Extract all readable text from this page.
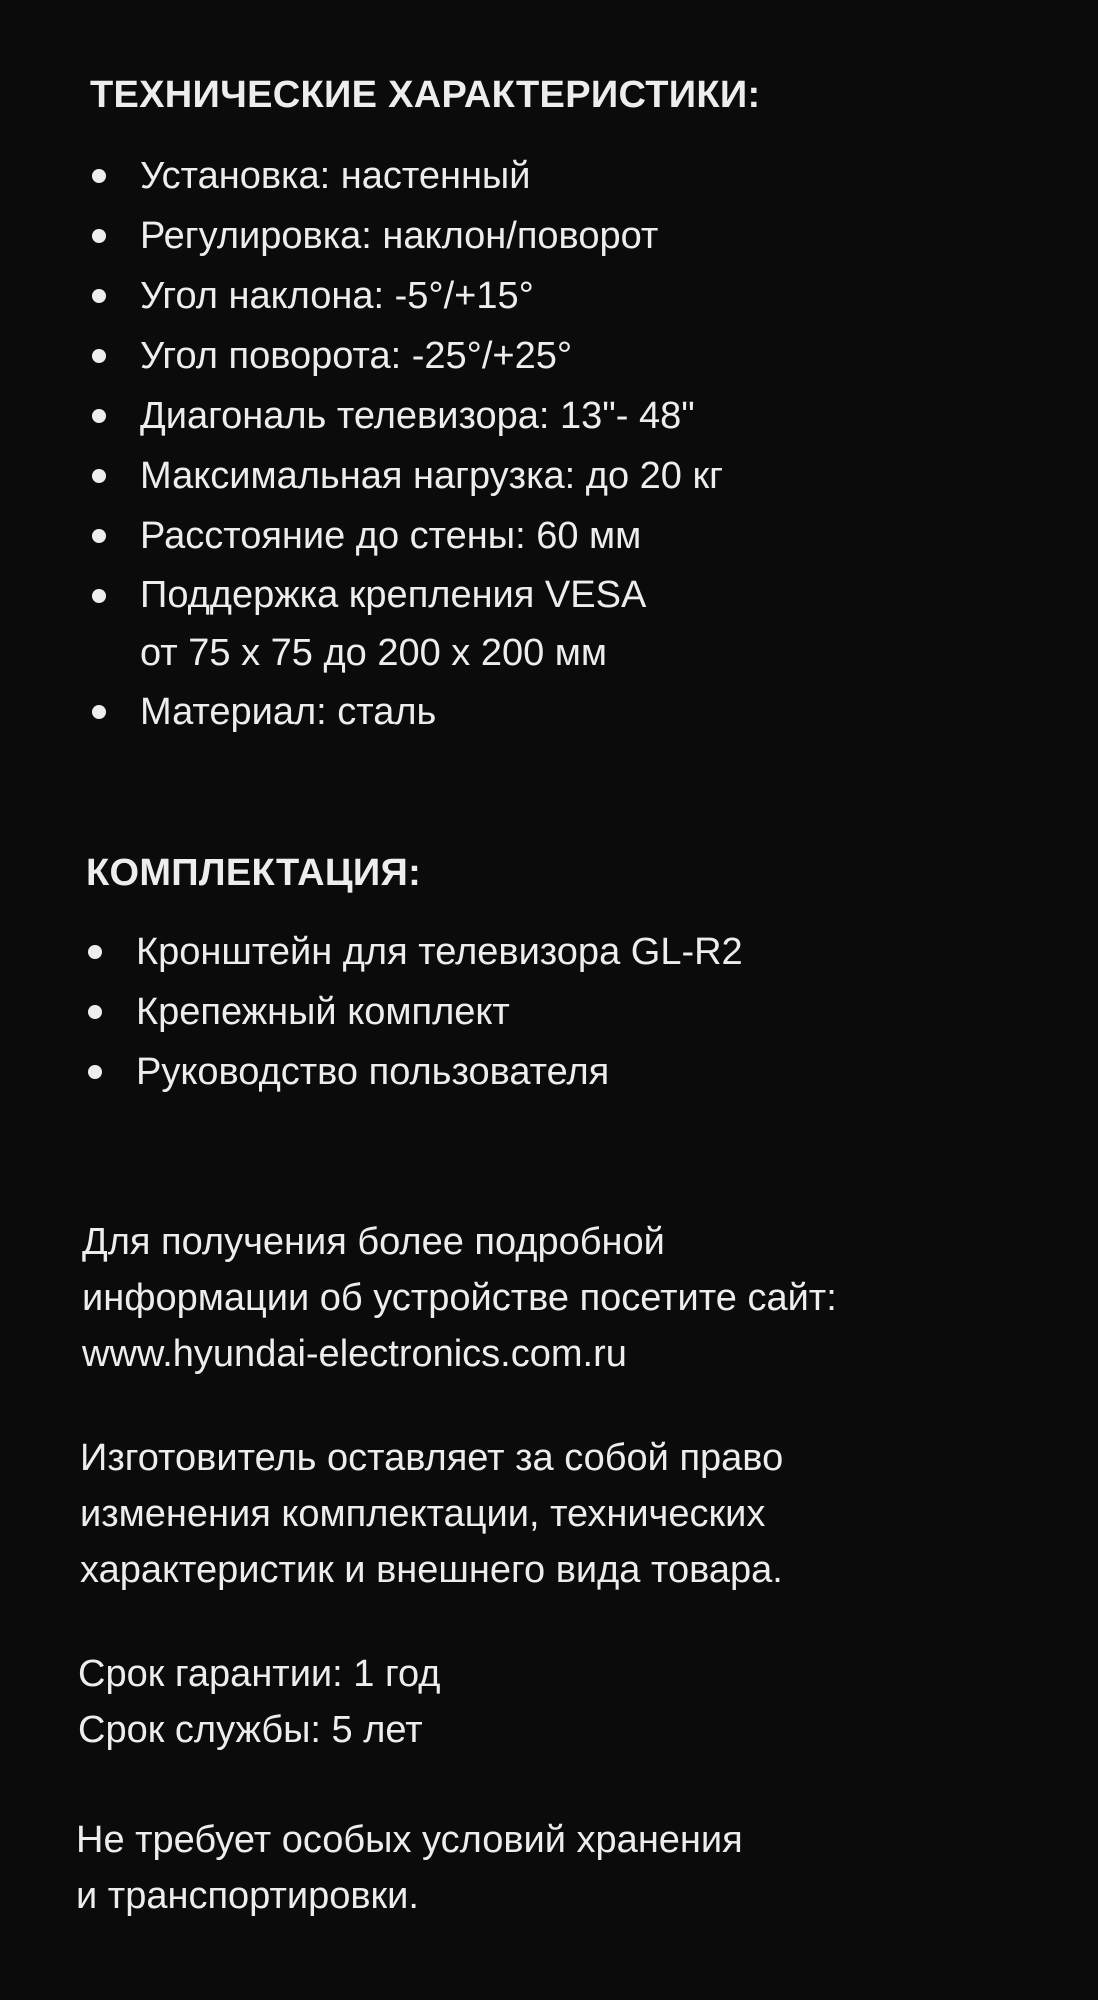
ТЕХНИЧЕСКИЕ ХАРАКТЕРИСТИКИ:
Установка: настенный
Регулировка: наклон/поворот
Угол наклона: -5°/+15°
Угол поворота: -25°/+25°
Диагональ телевизора: 13"- 48"
Максимальная нагрузка: до 20 кг
Расстояние до стены: 60 мм
Поддержка крепления VESA
от 75 x 75 до 200 x 200 мм
Материал: сталь
КОМПЛЕКТАЦИЯ:
Кронштейн для телевизора GL-R2
Крепежный комплект
Руководство пользователя
Для получения более подробной
информации об устройстве посетите сайт:
www.hyundai-electronics.com.ru
Изготовитель оставляет за собой право
изменения комплектации, технических
характеристик и внешнего вида товара.
Срок гарантии: 1 год
Срок службы: 5 лет
Не требует особых условий хранения
и транспортировки.
